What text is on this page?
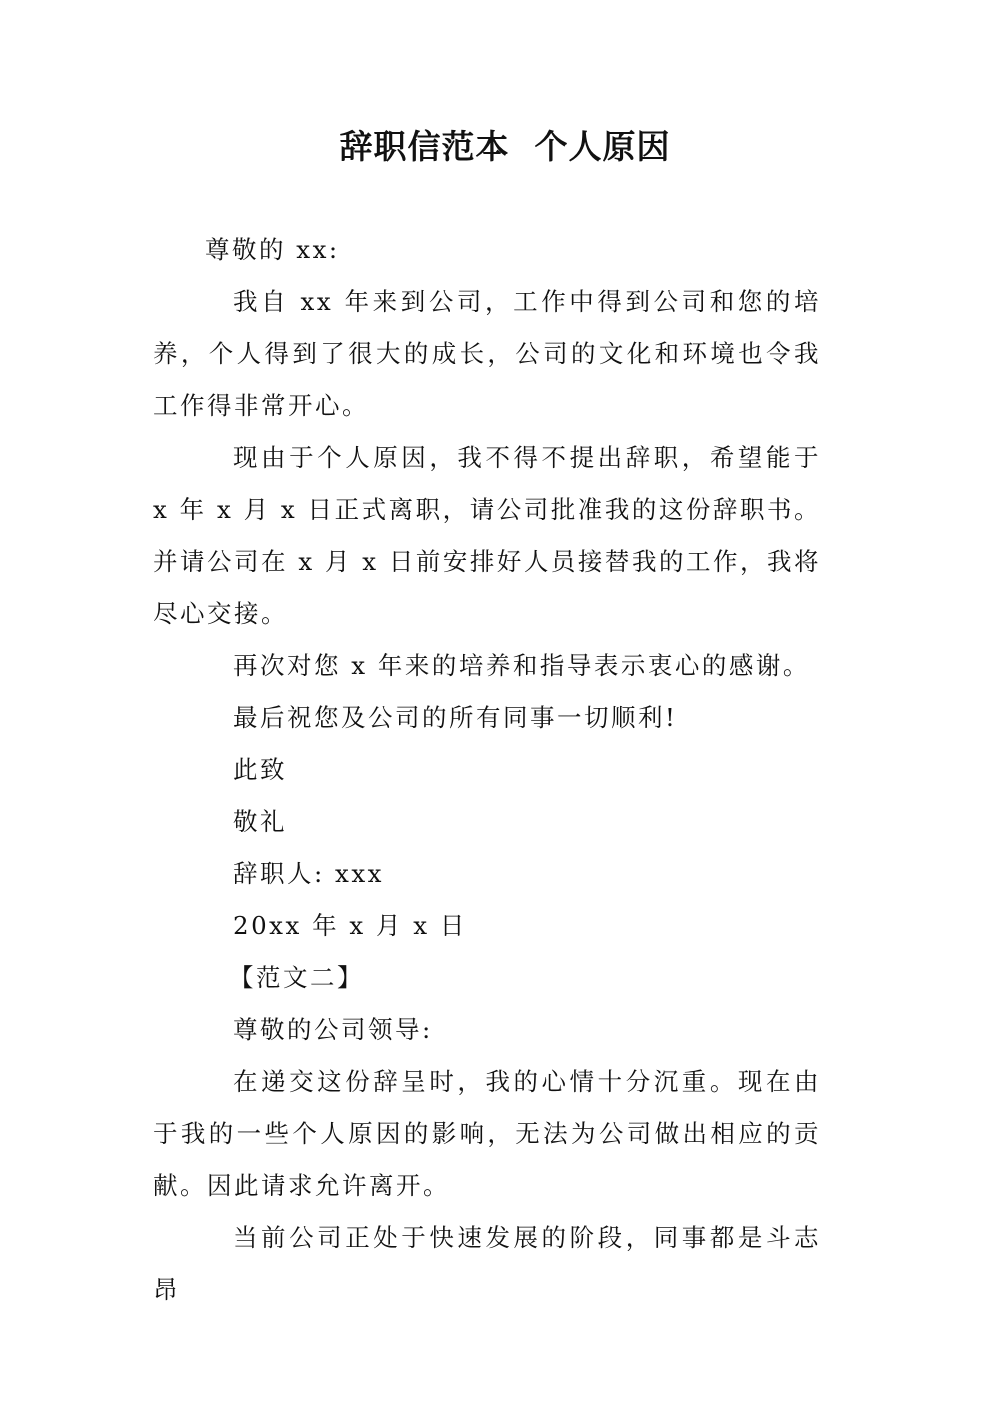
辞职信范本  个人原因

尊敬的 xx:

我自 xx 年来到公司，工作中得到公司和您的培养，个人得到了很大的成长，公司的文化和环境也令我工作得非常开心。

现由于个人原因，我不得不提出辞职，希望能于 x 年 x 月 x 日正式离职，请公司批准我的这份辞职书。并请公司在 x 月 x 日前安排好人员接替我的工作，我将尽心交接。

再次对您 x 年来的培养和指导表示衷心的感谢。

最后祝您及公司的所有同事一切顺利!

此致

敬礼

辞职人: xxx

20xx 年 x 月 x 日

【范文二】

尊敬的公司领导:

在递交这份辞呈时，我的心情十分沉重。现在由于我的一些个人原因的影响，无法为公司做出相应的贡献。因此请求允许离开。

当前公司正处于快速发展的阶段，同事都是斗志昂
